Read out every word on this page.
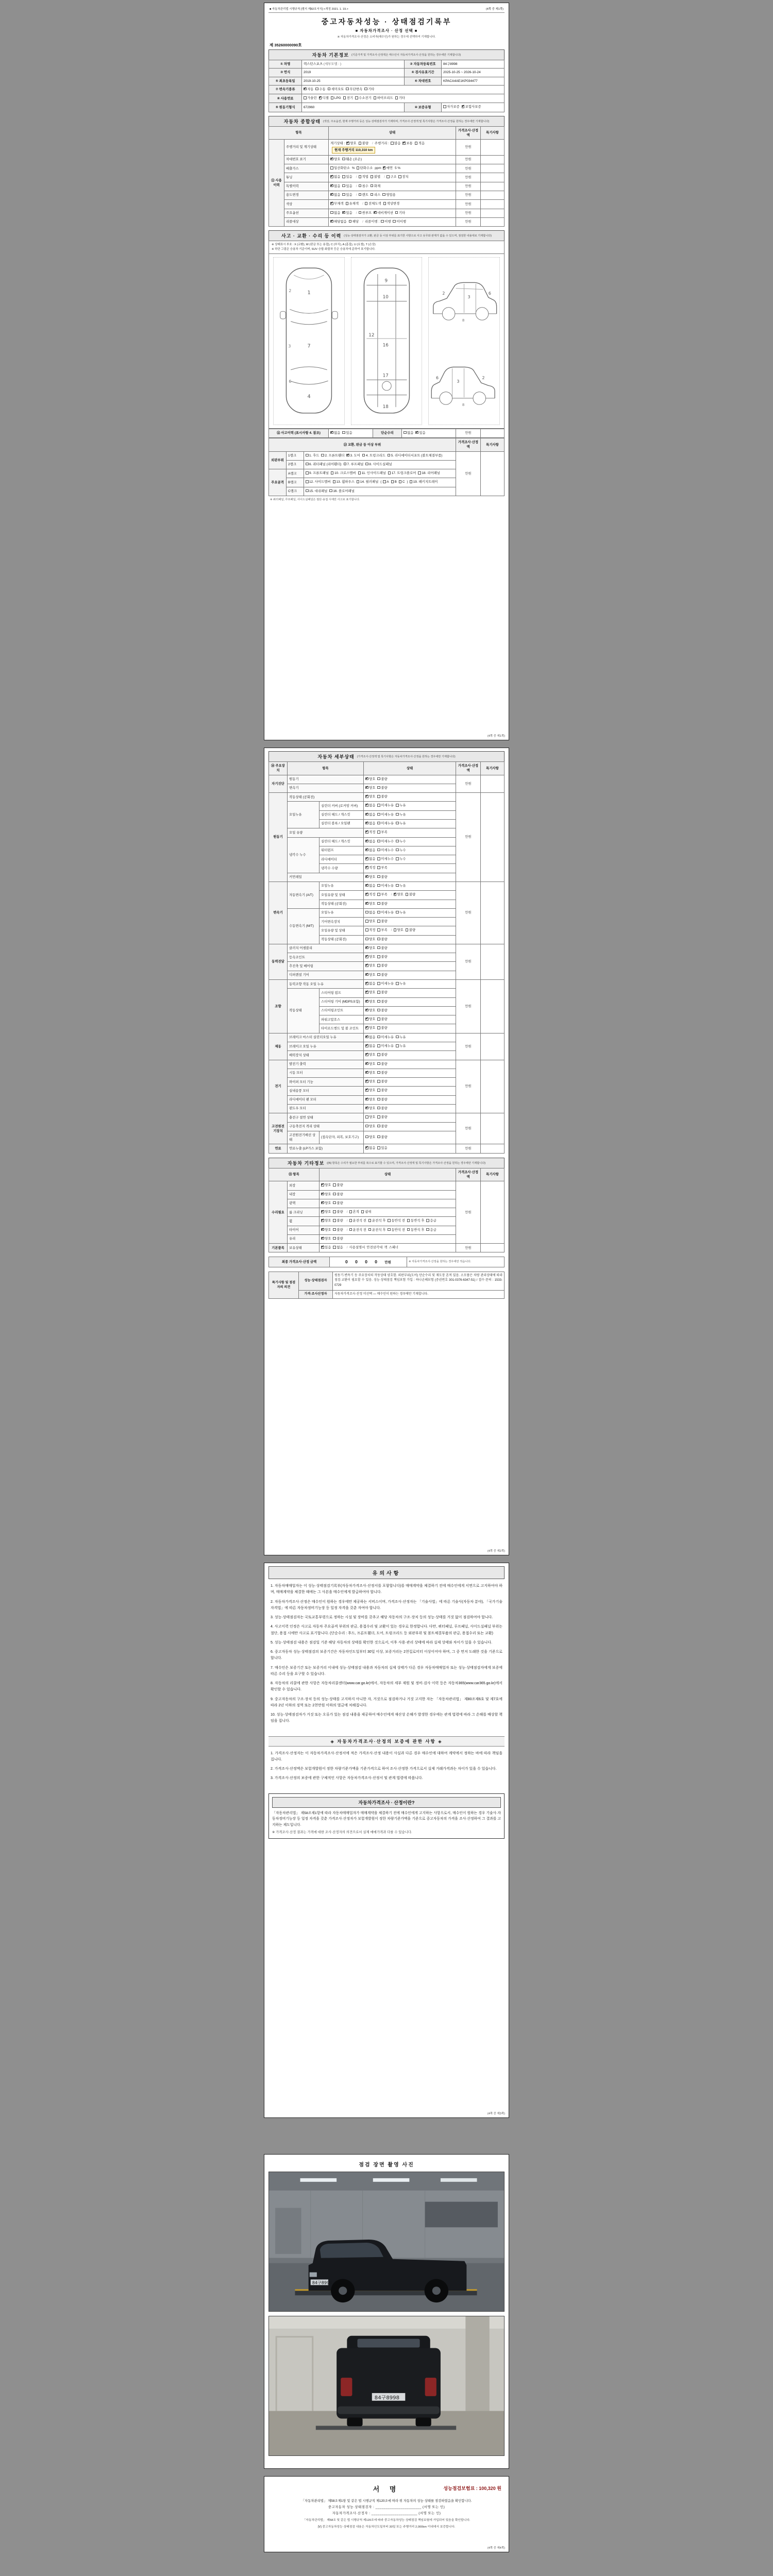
■ 자동차관리법 시행규칙 [별지 제82호서식] <개정 2021. 1. 19.>	(4쪽 중 제1쪽)
중고자동차성능 · 상태점검기록부
■ 자동차가격조사 · 산정 선택 ■
※ 자동차가격조사·산정은 소비자(매수인)가 원하는 경우에 선택하여 기재합니다.
제 35260000090호
자동차 기본정보 (기준가격 및 가격조사·산정액은 매수인이 자동차가격조사·산정을 원하는 경우에만 기재합니다)
① 차명	렉스턴스포츠 (세부모델 : )	② 자동차등록번호	84구8998
③ 연식	2019	④ 검사유효기간	2025-10-25 ~ 2026-10-24
⑤ 최초등록일	2019-10-25	⑥ 차대번호	KPACA4AE1KP034477
⑦ 변속기종류	✔자동 수동 세미오토 무단변속 기타
⑧ 사용연료	가솔린 ✔ 디젤 LPG 전기 수소전기 하이브리드 기타
⑨ 원동기형식	672960	⑩ 보증유형	자가보증 ✔ 보험사보증
자동차 종합상태 (색상, 주요옵션, 현재 주행거리 등은 성능·상태점검자가 기재하며, 가격조사·산정액 및 특기사항은 가격조사·산정을 원하는 경우에만 기재합니다)
항목		상태	가격조사·산정액	특기사항
⑪ 사용이력	주행거리 및 계기상태	계기상태 : ✔ 양호 불량 / 주행거리 : 많음 ✔ 보통 적음현재 주행거리 110,310 km	만원	
	차대번호 표기	✔양호 훼손 (오손)	만원	
	배출가스	일산화탄소 % 탄화수소 ppm ✔ 매연 5 %	만원	
	튜닝	✔없음 있음 / 적법 불법 / 구조 장치	만원	
	특별이력	✔없음 있음 / 침수 화재	만원	
	용도변경	✔없음 있음 / 렌트 리스 영업용	만원	
	색상	✔무채색 유채색 / 전체도색 색상변경	만원	
	주요옵션	없음 ✔ 있음 / 썬루프 ✔ 네비게이션 기타	만원	
	리콜대상	✔해당없음 해당 / 리콜이행 : 이행 미이행	만원	
사고 · 교환 · 수리 등 이력 (성능·상태점검자가 교환, 판금 등 이상 부위를 표기한 사항으로 사고 유무와 관계가 없을 수 있으며, 점검한 내용대로 기재합니다)
※ 상태표시 부호 : X (교환), W (판금 또는 용접), C (부식), A (흠집), U (요철), T (손상)
※ 하단 그림은 승용차 기준이며, SUV·승합·화물차 등은 승용차에 준하여 표기합니다.
1
7
4
2
3
6
9
10
12
16
17
18
2
3
6
8
2
3
6
8
⑫ 사고이력 (표시사항 4. 참조)	✔없음 있음	단순수리	없음 ✔ 있음	만원	
⑬ 교환, 판금 등 이상 부위			가격조사·산정액	특기사항
외판부위	1랭크	1. 후드 2. 프론트휀더 ✔ 3. 도어 4. 트렁크리드 5. 라디에이터서포트 (볼트체결부품)	만원	
	2랭크	6. 쿼터패널 (리어휀더) 7. 루프패널 8. 사이드실패널		
주요골격	A랭크	9. 프론트패널 10. 크로스멤버 11. 인사이드패널 17. 트렁크플로어 18. 리어패널		
	B랭크	12. 사이드멤버 13. 휠하우스 14. 필러패널 ( A B C ) 19. 패키지트레이		
	C랭크	15. 대쉬패널 16. 플로어패널		
※ 쿼터패널, 루프패널, 사이드실패널은 절단·용접 시에만 사고로 표기합니다.
(4쪽 중 제1쪽)
자동차 세부상태 (가격조사·산정액 및 특기사항은 자동차가격조사·산정을 원하는 경우에만 기재합니다)
⑭ 주요장치	항목		상태	가격조사·산정액	특기사항
자기진단	원동기	✔양호 불량	만원	
	변속기	✔양호 불량
원동기	작동상태 (공회전)	✔양호 불량	만원	
	오일누유	실린더 커버 (로커암 커버)	✔없음 미세누유 누유
		실린더 헤드 / 개스킷	✔없음 미세누유 누유
		실린더 블록 / 오일팬	✔없음 미세누유 누유
	오일 유량	✔적정 부족
	냉각수 누수	실린더 헤드 / 개스킷	✔없음 미세누수 누수
		워터펌프	✔없음 미세누수 누수
		라디에이터	✔없음 미세누수 누수
		냉각수 수량	✔적정 부족
	커먼레일	✔양호 불량
변속기	자동변속기 (A/T)	오일누유	✔없음 미세누유 누유	만원	
		오일유량 및 상태	✔적정 부족 / ✔ 양호 불량
		작동상태 (공회전)	✔양호 불량
	수동변속기 (M/T)	오일누유	없음 미세누유 누유		
		기어변속장치	양호 불량		
		오일유량 및 상태	적정 부족 / 양호 불량		
		작동상태 (공회전)	양호 불량		
동력전달	클러치 어셈블리	✔양호 불량	만원	
	등속조인트	✔양호 불량
	추진축 및 베어링	✔양호 불량
	디퍼렌셜 기어	✔양호 불량
조향	동력조향 작동 오일 누유	✔없음 미세누유 누유	만원	
	작동상태	스티어링 펌프	✔양호 불량
		스티어링 기어 (MDPS포함)	✔양호 불량
		스티어링조인트	✔양호 불량
		파워고압호스	✔양호 불량
		타이로드엔드 및 볼 조인트	✔양호 불량
제동	브레이크 마스터 실린더오일 누유	✔없음 미세누유 누유	만원	
	브레이크 오일 누유	✔없음 미세누유 누유
	배력장치 상태	✔양호 불량
전기	발전기 출력	✔양호 불량	만원	
	시동 모터	✔양호 불량
	와이퍼 모터 기능	✔양호 불량
	실내송풍 모터	✔양호 불량
	라디에이터 팬 모터	✔양호 불량
	윈도우 모터	✔양호 불량
고전원전기장치	충전구 절연 상태		양호 불량	만원	
	구동축전지 격리 상태		양호 불량		
	고전원전기배선 상태	(접속단자, 피복, 보호기구)	양호 불량		
연료	연료누출 (LP가스 포함)	✔없음 있음	만원	
자동차 기타정보 ((N) 항목은 수리가 필요한 부위를 복수로 표기할 수 있으며, 가격조사·산정액 및 특기사항은 가격조사·산정을 원하는 경우에만 기재합니다)
⑮ 항목		상태	가격조사·산정액	특기사항
수리필요	외장	✔양호 불량	만원	
	내장	✔양호 불량
	광택	✔양호 불량
	룸 크리닝	✔양호 불량 / 흔적 냄새
	휠	✔양호 불량 / 운전석 전 운전석 후 동반석 전 동반석 후 응급
	타이어	✔양호 불량 / 운전석 전 운전석 후 동반석 전 동반석 후 응급
	유리	✔양호 불량
기본품목	보유상태	✔있음 없음 / 사용설명서 안전삼각대 잭 스패너	만원	
최종 가격조사·산정 금액	0 0 0 0 만원	※ 자동차가격조사·산정을 원하는 경우에만 적습니다.
특기사항 및 점검자의 의견	성능·상태점검자	원동기·변속기 등 주요장치의 작동상태 양호함. 외판부위(도어) 단순수리 및 재도장 흔적 있음. 소모품은 차량 관리상태에 따라 점검·교환이 필요할 수 있음. 성능·상태점검 책임보험 가입 : 하나손해보험 (증권번호 301-0376-6347-51) / 접수·문의 : 1533-0729
	가격·조사산정자	자동차가격조사·산정 미선택 — 매수인이 원하는 경우에만 기재합니다.
(4쪽 중 제2쪽)
유의사항
1. 자동차매매업자는 이 성능·상태점검기록부(자동차가격조사·산정서를 포함합니다)를 매매계약을 체결하기 전에 매수인에게 서면으로 고지하여야 하며, 매매계약을 체결한 때에는 그 사본을 매수인에게 발급하여야 합니다.
2. 자동차가격조사·산정은 매수인이 원하는 경우에만 제공하는 서비스이며, 가격조사·산정자는 「기술사법」에 따른 기술사(자동차 분야), 「국가기술자격법」에 따른 자동차정비기능장 등 일정 자격을 갖춘 자여야 합니다.
3. 성능·상태점검자는 국토교통부령으로 정하는 시설 및 장비를 갖추고 해당 자동차의 구조·장치 등의 성능·상태를 거짓 없이 점검하여야 합니다.
4. 사고이력 인정은 사고로 자동차 주요골격 부위의 판금, 용접수리 및 교환이 있는 경우로 한정합니다. 다만, 쿼터패널, 루프패널, 사이드실패널 부위는 절단, 용접 시에만 사고로 표기합니다. (단순수리 : 후드, 프론트휀더, 도어, 트렁크리드 등 외판부위 및 볼트체결부품의 판금, 용접수리 또는 교환)
5. 성능·상태점검 내용은 점검일 기준 해당 자동차의 상태를 확인한 것으로서, 이후 사용·관리 상태에 따라 실제 상태와 차이가 있을 수 있습니다.
6. 중고자동차 성능·상태점검의 보증기간은 자동차인도일부터 30일 이상, 보증거리는 2천킬로미터 이상이어야 하며, 그 중 먼저 도래한 것을 기준으로 합니다.
7. 매수인은 보증기간 또는 보증거리 이내에 성능·상태점검 내용과 자동차의 실제 상태가 다른 경우 자동차매매업자 또는 성능·상태점검자에게 보증에 따른 수리 등을 요구할 수 있습니다.
8. 자동차의 리콜에 관한 사항은 자동차리콜센터(www.car.go.kr)에서, 자동차의 세부 제원 및 정비·검사 이력 등은 자동차365(www.car365.go.kr)에서 확인할 수 있습니다.
9. 중고자동차의 구조·장치 등의 성능·상태를 고지하지 아니한 자, 거짓으로 점검하거나 거짓 고지한 자는 「자동차관리법」 제80조제6호 및 제7호에 따라 2년 이하의 징역 또는 2천만원 이하의 벌금에 처해집니다.
10. 성능·상태점검자가 거짓 또는 오류가 있는 점검 내용을 제공하여 매수인에게 재산상 손해가 발생한 경우에는 관계 법령에 따라 그 손해를 배상할 책임을 집니다.
◈ 자동차가격조사·산정의 보증에 관한 사항 ◈
1. 가격조사·산정자는 이 자동차가격조사·산정서에 적은 가격조사·산정 내용이 사실과 다른 경우 매수인에 대하여 계약에서 정하는 바에 따라 책임을 집니다.
2. 가격조사·산정액은 보험개발원이 정한 차량기준가액을 기준가격으로 하여 조사·산정한 가격으로서 실제 거래가격과는 차이가 있을 수 있습니다.
3. 가격조사·산정의 보증에 관한 구체적인 사항은 자동차가격조사·산정서 및 관계 법령에 따릅니다.
자동차가격조사 · 산정이란?
「자동차관리법」 제58조제1항에 따라 자동차매매업자가 매매계약을 체결하기 전에 매수인에게 고지하는 사항으로서, 매수인이 원하는 경우 기술사·자동차정비기능장 등 일정 자격을 갖춘 가격조사·산정자가 보험개발원이 정한 차량기준가액을 기준으로 중고자동차의 가격을 조사·산정하여 그 결과를 고지하는 제도입니다.
※ 가격조사·산정 결과는 가격에 대한 조사·산정자의 의견으로서 실제 매매가격과 다를 수 있습니다.
(4쪽 중 제3쪽)
점검 장면 촬영 사진
84구8998
84구8998
서 명	성능점검보험료 : 100,320 원
「자동차관리법」 제58조제1항 및 같은 법 시행규칙 제120조에 따라 위 자동차의 성능·상태를 점검하였음을 확인합니다.
중고자동차 성능·상태점검자 : ______________________ (서명 또는 인)
자동차가격조사·산정자 : ______________________ (서명 또는 인)
「자동차관리법」 제58조 및 같은 법 시행규칙 제120조에 따라 중고자동차성능·상태점검 책임보험에 가입되어 있음을 확인합니다.
[Ⅴ] 중고자동차성능·상태점검 내용은 자동차인도일부터 30일 또는 주행거리 2,000km 이내에서 보증합니다.
(4쪽 중 제4쪽)
